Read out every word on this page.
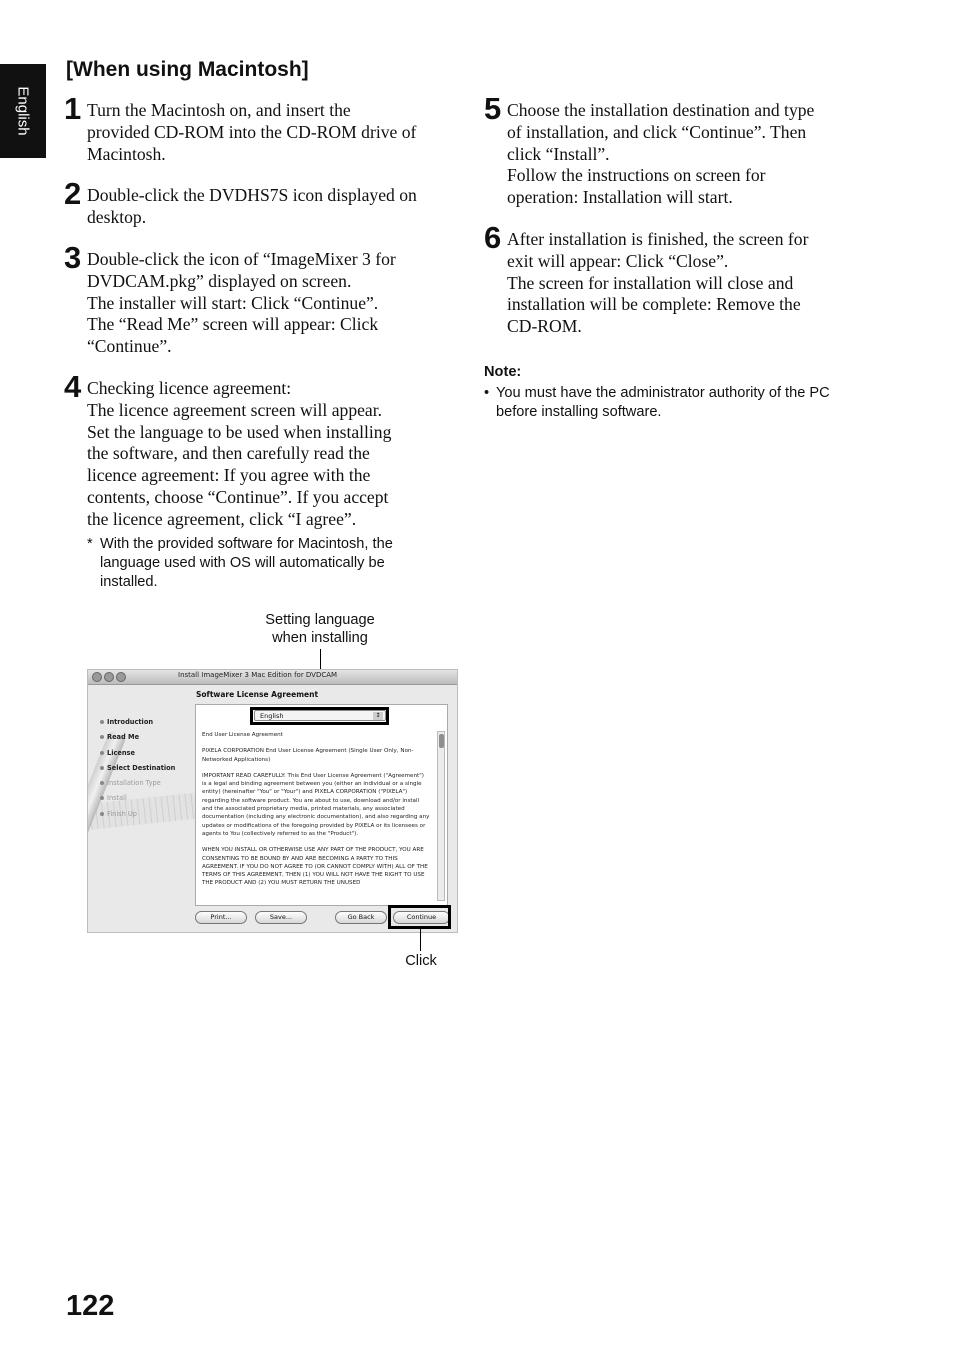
English
[When using Macintosh]
1 Turn the Macintosh on, and insert the
provided CD-ROM into the CD-ROM drive of
Macintosh.
2 Double-click the DVDHS7S icon displayed on
desktop.
3 Double-click the icon of “ImageMixer 3 for
DVDCAM.pkg” displayed on screen.
The installer will start: Click “Continue”.
The “Read Me” screen will appear: Click
“Continue”.
4 Checking licence agreement:
The licence agreement screen will appear.
Set the language to be used when installing
the software, and then carefully read the
licence agreement: If you agree with the
contents, choose “Continue”. If you accept
the licence agreement, click “I agree”.
* With the provided software for Macintosh, the
language used with OS will automatically be
installed.
5 Choose the installation destination and type
of installation, and click “Continue”. Then
click “Install”.
Follow the instructions on screen for
operation: Installation will start.
6 After installation is finished, the screen for
exit will appear: Click “Close”.
The screen for installation will close and
installation will be complete: Remove the
CD-ROM.
Note:
• You must have the administrator authority of the PC
before installing software.
Setting language
when installing
Install ImageMixer 3 Mac Edition for DVDCAM
Software License Agreement
Introduction
Read Me
License
Select Destination
Installation Type
Install
Finish Up
English	↕

End User License Agreement

PIXELA CORPORATION End User License Agreement (Single User Only, Non-Networked Applications)

IMPORTANT READ CAREFULLY: This End User License Agreement ("Agreement") is a legal and binding agreement between you (either an individual or a single entity) (hereinafter "You" or "Your") and PIXELA CORPORATION ("PIXELA") regarding the software product. You are about to use, download and/or install and the associated proprietary media, printed materials, any associated documentation (including any electronic documentation), and also regarding any updates or modifications of the foregoing provided by PIXELA or its licensees or agents to You (collectively referred to as the "Product").

WHEN YOU INSTALL OR OTHERWISE USE ANY PART OF THE PRODUCT, YOU ARE CONSENTING TO BE BOUND BY AND ARE BECOMING A PARTY TO THIS AGREEMENT. IF YOU DO NOT AGREE TO (OR CANNOT COMPLY WITH) ALL OF THE TERMS OF THIS AGREEMENT, THEN (1) YOU WILL NOT HAVE THE RIGHT TO USE THE PRODUCT AND (2) YOU MUST RETURN THE UNUSED

Print...	Save...	Go Back	Continue
Click
122
